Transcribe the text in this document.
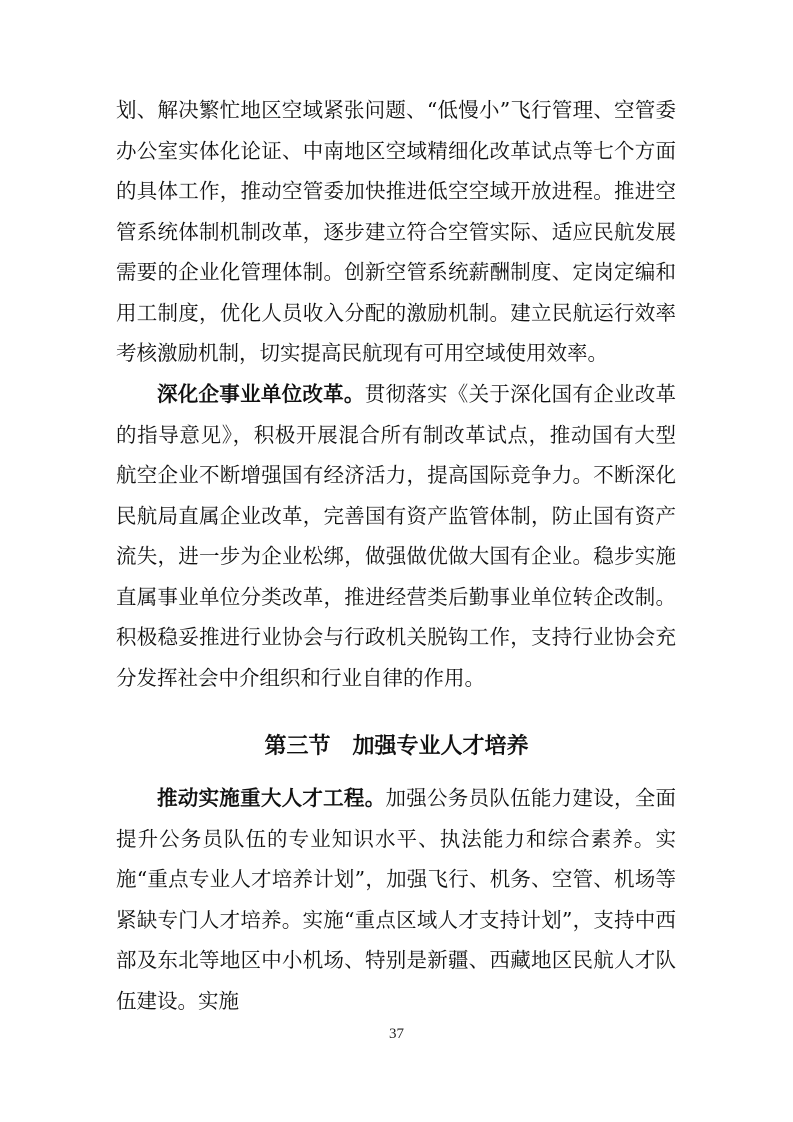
划、解决繁忙地区空域紧张问题、“低慢小”飞行管理、空管委办公室实体化论证、中南地区空域精细化改革试点等七个方面的具体工作，推动空管委加快推进低空空域开放进程。推进空管系统体制机制改革，逐步建立符合空管实际、适应民航发展需要的企业化管理体制。创新空管系统薪酬制度、定岗定编和用工制度，优化人员收入分配的激励机制。建立民航运行效率考核激励机制，切实提高民航现有可用空域使用效率。

深化企事业单位改革。贯彻落实《关于深化国有企业改革的指导意见》，积极开展混合所有制改革试点，推动国有大型航空企业不断增强国有经济活力，提高国际竞争力。不断深化民航局直属企业改革，完善国有资产监管体制，防止国有资产流失，进一步为企业松绑，做强做优做大国有企业。稳步实施直属事业单位分类改革，推进经营类后勤事业单位转企改制。积极稳妥推进行业协会与行政机关脱钩工作，支持行业协会充分发挥社会中介组织和行业自律的作用。

第三节　加强专业人才培养

推动实施重大人才工程。加强公务员队伍能力建设，全面提升公务员队伍的专业知识水平、执法能力和综合素养。实施“重点专业人才培养计划”，加强飞行、机务、空管、机场等紧缺专门人才培养。实施“重点区域人才支持计划”，支持中西部及东北等地区中小机场、特别是新疆、西藏地区民航人才队伍建设。实施

37
